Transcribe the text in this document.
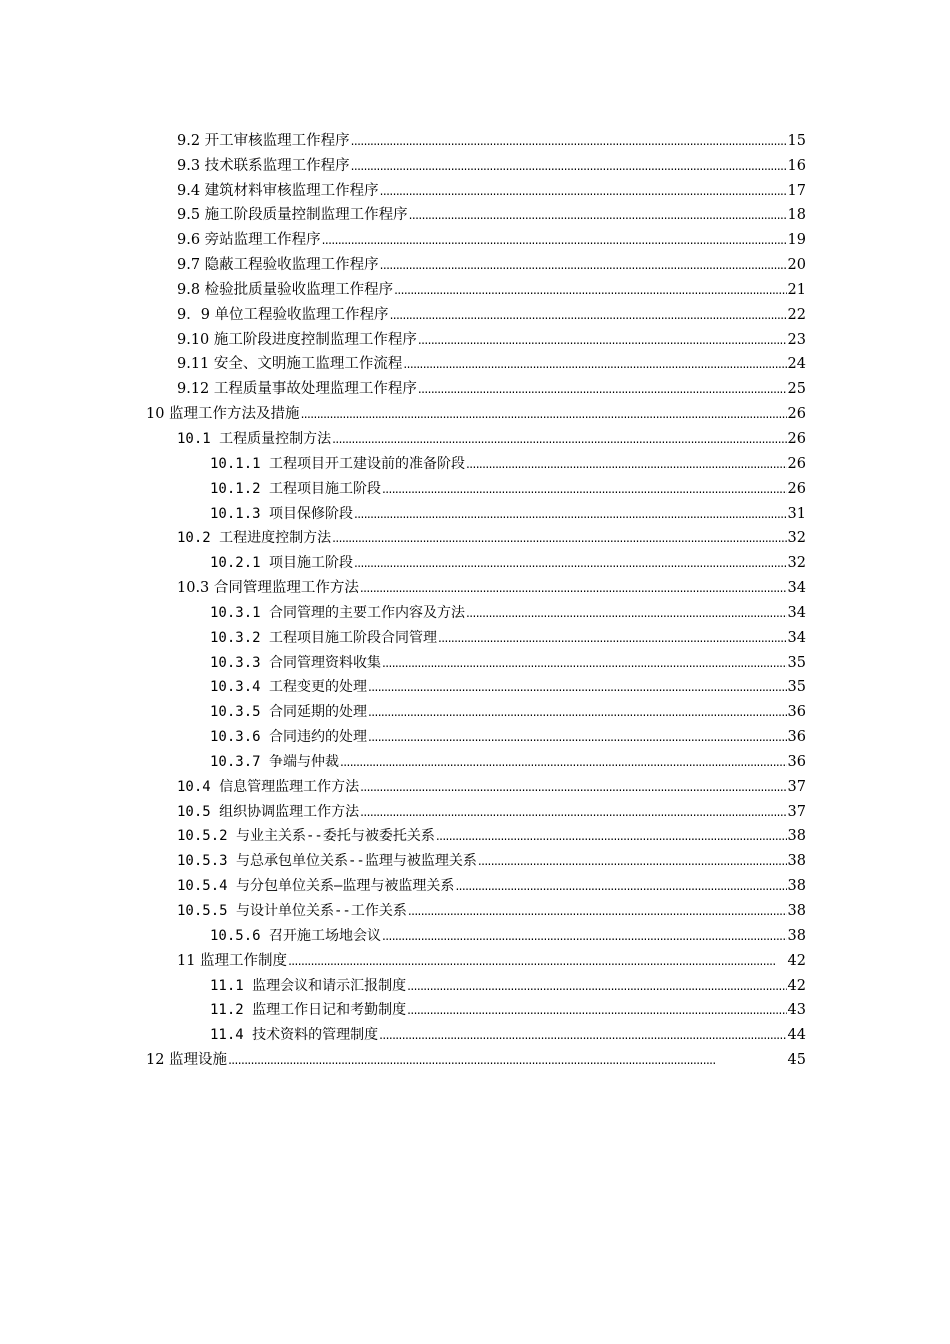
9.2 开工审核监理工作程序 . . .	15
9.3 技术联系监理工作程序 . . .	16
9.4 建筑材料审核监理工作程序 . . .	17
9.5 施工阶段质量控制监理工作程序 . . .	18
9.6 旁站监理工作程序 . . .	19
9.7 隐蔽工程验收监理工作程序 . . .	20
9.8 检验批质量验收监理工作程序 . . .	21
9．9 单位工程验收监理工作程序 . . .	22
9.10 施工阶段进度控制监理工作程序 . . .	23
9.11 安全、文明施工监理工作流程 . . .	24
9.12 工程质量事故处理监理工作程序 . . .	25
10 监理工作方法及措施 . . .	26
10.1 工程质量控制方法 . . .	26
10.1.1 工程项目开工建设前的准备阶段 . . .	26
10.1.2 工程项目施工阶段 . . .	26
10.1.3 项目保修阶段 . . .	31
10.2 工程进度控制方法 . . .	32
10.2.1 项目施工阶段 . . .	32
10.3 合同管理监理工作方法 . . .	34
10.3.1 合同管理的主要工作内容及方法 . . .	34
10.3.2 工程项目施工阶段合同管理 . . .	34
10.3.3 合同管理资料收集 . . .	35
10.3.4 工程变更的处理 . . .	35
10.3.5 合同延期的处理 . . .	36
10.3.6 合同违约的处理 . . .	36
10.3.7 争端与仲裁 . . .	36
10.4 信息管理监理工作方法 . . .	37
10.5 组织协调监理工作方法 . . .	37
10.5.2 与业主关系--委托与被委托关系 . . .	38
10.5.3 与总承包单位关系--监理与被监理关系 . . .	38
10.5.4 与分包单位关系—监理与被监理关系 . . .	38
10.5.5 与设计单位关系--工作关系 . . .	38
10.5.6 召开施工场地会议 . . .	38
11 监理工作制度 . . .	42
11.1 监理会议和请示汇报制度 . . .	42
11.2 监理工作日记和考勤制度 . . .	43
11.4 技术资料的管理制度 . . .	44
12 监理设施 . . .	45
